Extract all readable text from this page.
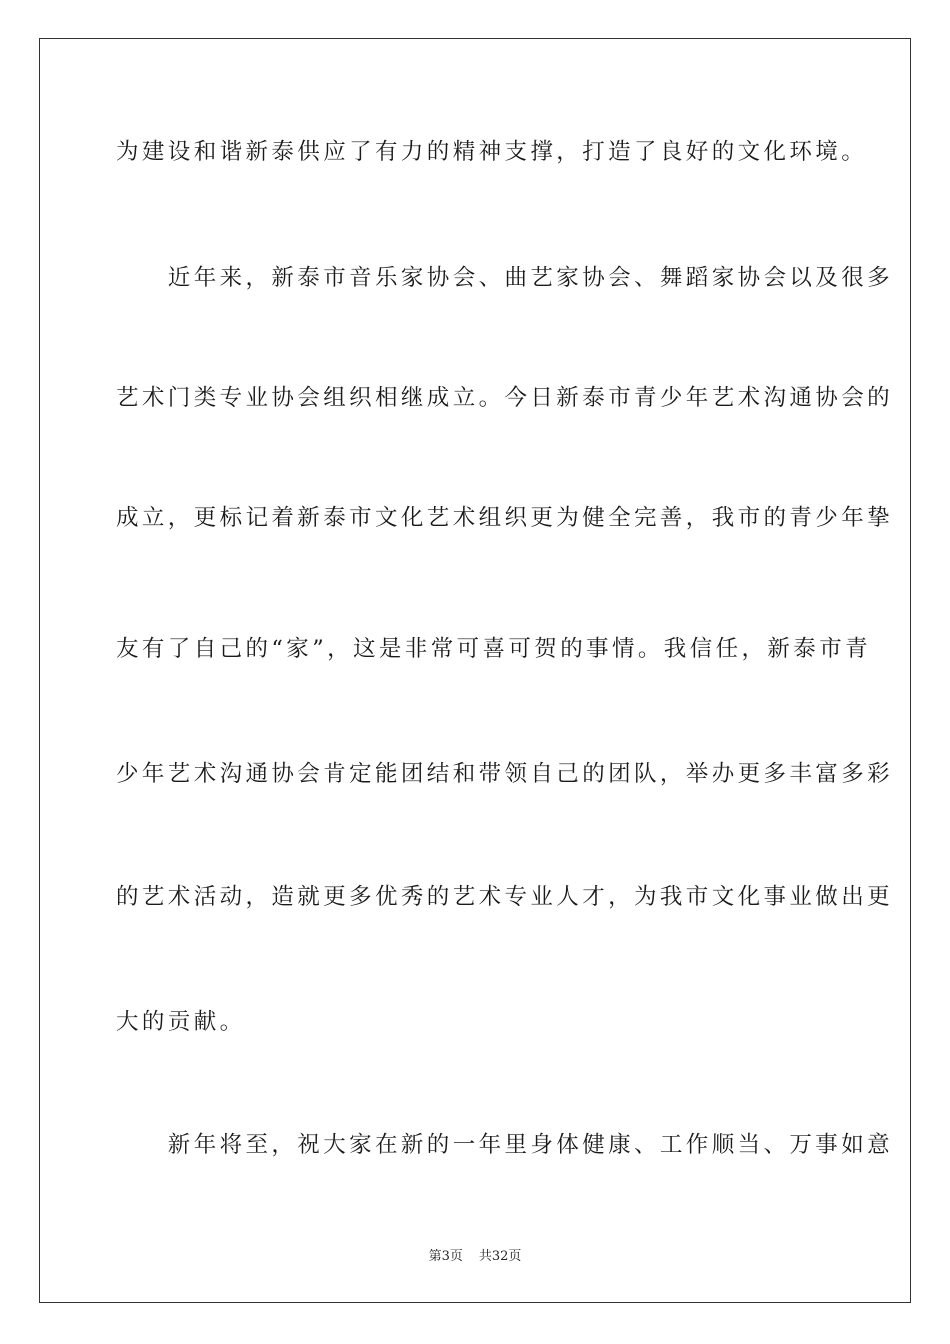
为建设和谐新泰供应了有力的精神支撑，打造了良好的文化环境。
　　近年来，新泰市音乐家协会、曲艺家协会、舞蹈家协会以及很多
艺术门类专业协会组织相继成立。今日新泰市青少年艺术沟通协会的
成立，更标记着新泰市文化艺术组织更为健全完善，我市的青少年挚
友有了自己的“家”，这是非常可喜可贺的事情。我信任，新泰市青
少年艺术沟通协会肯定能团结和带领自己的团队，举办更多丰富多彩
的艺术活动，造就更多优秀的艺术专业人才，为我市文化事业做出更
大的贡献。
　　新年将至，祝大家在新的一年里身体健康、工作顺当、万事如意
第3页 共32页
